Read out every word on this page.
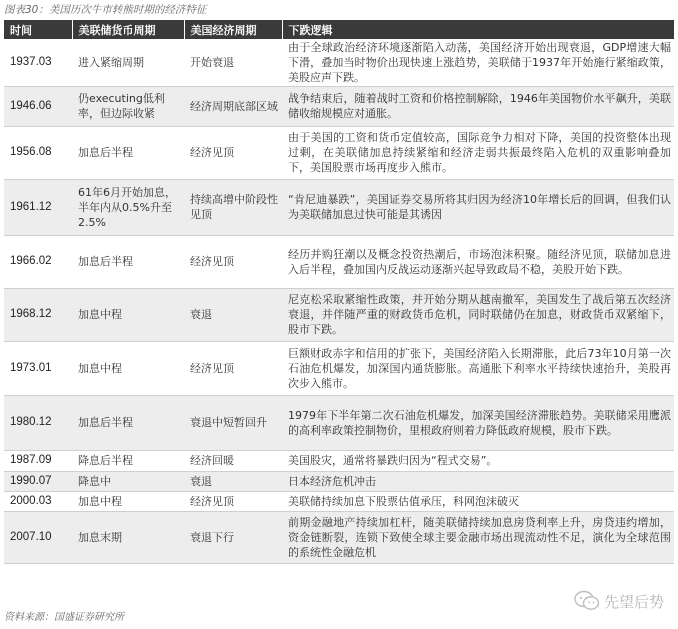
图表30：美国历次牛市转熊时期的经济特征
时间	美联储货币周期	美国经济周期	下跌逻辑
1937.03	进入紧缩周期	开始衰退	由于全球政治经济环境逐渐陷入动荡，美国经济开始出现衰退，GDP增速大幅下滑，叠加当时物价出现快速上涨趋势，美联储于1937年开始施行紧缩政策，美股应声下跌。
1946.06	仍executing低利率，但边际收紧	经济周期底部区域	战争结束后，随着战时工资和价格控制解除，1946年美国物价水平飙升，美联储收缩规模应对通胀。
1956.08	加息后半程	经济见顶	由于美国的工资和货币定值较高，国际竞争力相对下降，美国的投资整体出现过剩，在美联储加息持续紧缩和经济走弱共振最终陷入危机的双重影响叠加下，美国股票市场再度步入熊市。
1961.12	61年6月开始加息，半年内从0.5%升至2.5%	持续高增中阶段性见顶	“肯尼迪暴跌”，美国证券交易所将其归因为经济10年增长后的回调，但我们认为美联储加息过快可能是其诱因
1966.02	加息后半程	经济见顶	经历并购狂潮以及概念投资热潮后，市场泡沫积聚。随经济见顶，联储加息进入后半程，叠加国内反战运动逐渐兴起导致政局不稳，美股开始下跌。
1968.12	加息中程	衰退	尼克松采取紧缩性政策，并开始分期从越南撤军，美国发生了战后第五次经济衰退，并伴随严重的财政货币危机，同时联储仍在加息，财政货币双紧缩下，股市下跌。
1973.01	加息中程	经济见顶	巨额财政赤字和信用的扩张下，美国经济陷入长期滞胀，此后73年10月第一次石油危机爆发，加深国内通货膨胀。高通胀下利率水平持续快速抬升，美股再次步入熊市。
1980.12	加息后半程	衰退中短暂回升	1979年下半年第二次石油危机爆发，加深美国经济滞胀趋势。美联储采用鹰派的高利率政策控制物价，里根政府则着力降低政府规模，股市下跌。
1987.09	降息后半程	经济回暖	美国股灾，通常将暴跌归因为“程式交易”。
1990.07	降息中	衰退	日本经济危机冲击
2000.03	加息中程	经济见顶	美联储持续加息下股票估值承压，科网泡沫破灭
2007.10	加息末期	衰退下行	前期金融地产持续加杠杆，随美联储持续加息房贷利率上升，房贷违约增加，资金链断裂，连锁下致使全球主要金融市场出现流动性不足，演化为全球范围的系统性金融危机
资料来源：国盛证券研究所
先望后势
